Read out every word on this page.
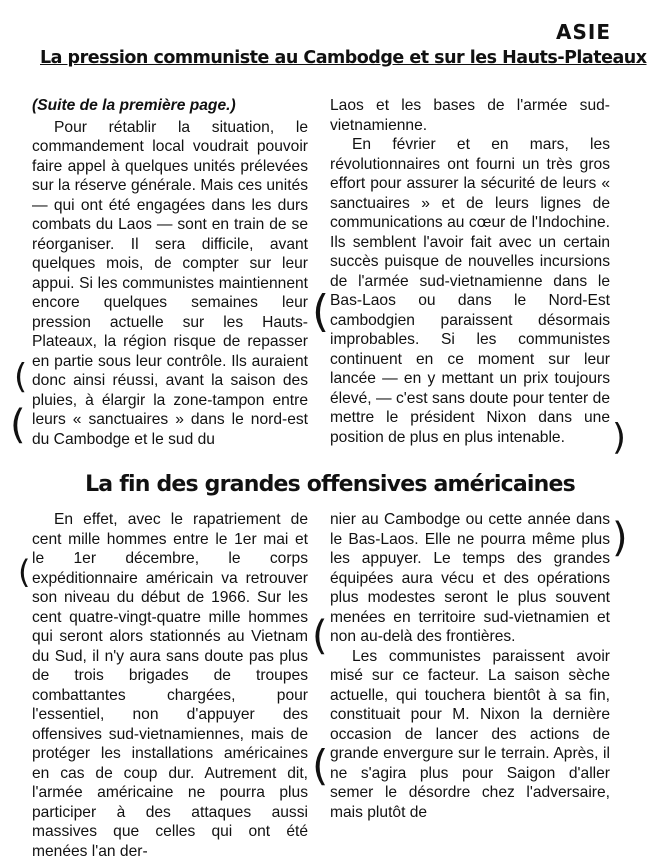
ASIE
La pression communiste au Cambodge et sur les Hauts-Plateaux

(Suite de la première page.)

Pour rétablir la situation, le commandement local voudrait pouvoir faire appel à quelques unités prélevées sur la réserve générale. Mais ces unités — qui ont été engagées dans les durs combats du Laos — sont en train de se réorganiser. Il sera difficile, avant quelques mois, de compter sur leur appui. Si les communistes maintiennent encore quelques semaines leur pression actuelle sur les Hauts-Plateaux, la région risque de repasser en partie sous leur contrôle. Ils auraient donc ainsi réussi, avant la saison des pluies, à élargir la zone-tampon entre leurs « sanctuaires » dans le nord-est du Cambodge et le sud du

Laos et les bases de l'armée sud-vietnamienne.

En février et en mars, les révolutionnaires ont fourni un très gros effort pour assurer la sécurité de leurs « sanctuaires » et de leurs lignes de communications au cœur de l'Indochine. Ils semblent l'avoir fait avec un certain succès puisque de nouvelles incursions de l'armée sud-vietnamienne dans le Bas-Laos ou dans le Nord-Est cambodgien paraissent désormais improbables. Si les communistes continuent en ce moment sur leur lancée — en y mettant un prix toujours élevé, — c'est sans doute pour tenter de mettre le président Nixon dans une position de plus en plus intenable.

La fin des grandes offensives américaines

En effet, avec le rapatriement de cent mille hommes entre le 1er mai et le 1er décembre, le corps expéditionnaire américain va retrouver son niveau du début de 1966. Sur les cent quatre-vingt-quatre mille hommes qui seront alors stationnés au Vietnam du Sud, il n'y aura sans doute pas plus de trois brigades de troupes combattantes chargées, pour l'essentiel, non d'appuyer des offensives sud-vietnamiennes, mais de protéger les installations américaines en cas de coup dur. Autrement dit, l'armée américaine ne pourra plus participer à des attaques aussi massives que celles qui ont été menées l'an der-

nier au Cambodge ou cette année dans le Bas-Laos. Elle ne pourra même plus les appuyer. Le temps des grandes équipées aura vécu et des opérations plus modestes seront le plus souvent menées en territoire sud-vietnamien et non au-delà des frontières.

Les communistes paraissent avoir misé sur ce facteur. La saison sèche actuelle, qui touchera bientôt à sa fin, constituait pour M. Nixon la dernière occasion de lancer des actions de grande envergure sur le terrain. Après, il ne s'agira plus pour Saigon d'aller semer le désordre chez l'adversaire, mais plutôt de

(
(
(
)
)
(
(
(
